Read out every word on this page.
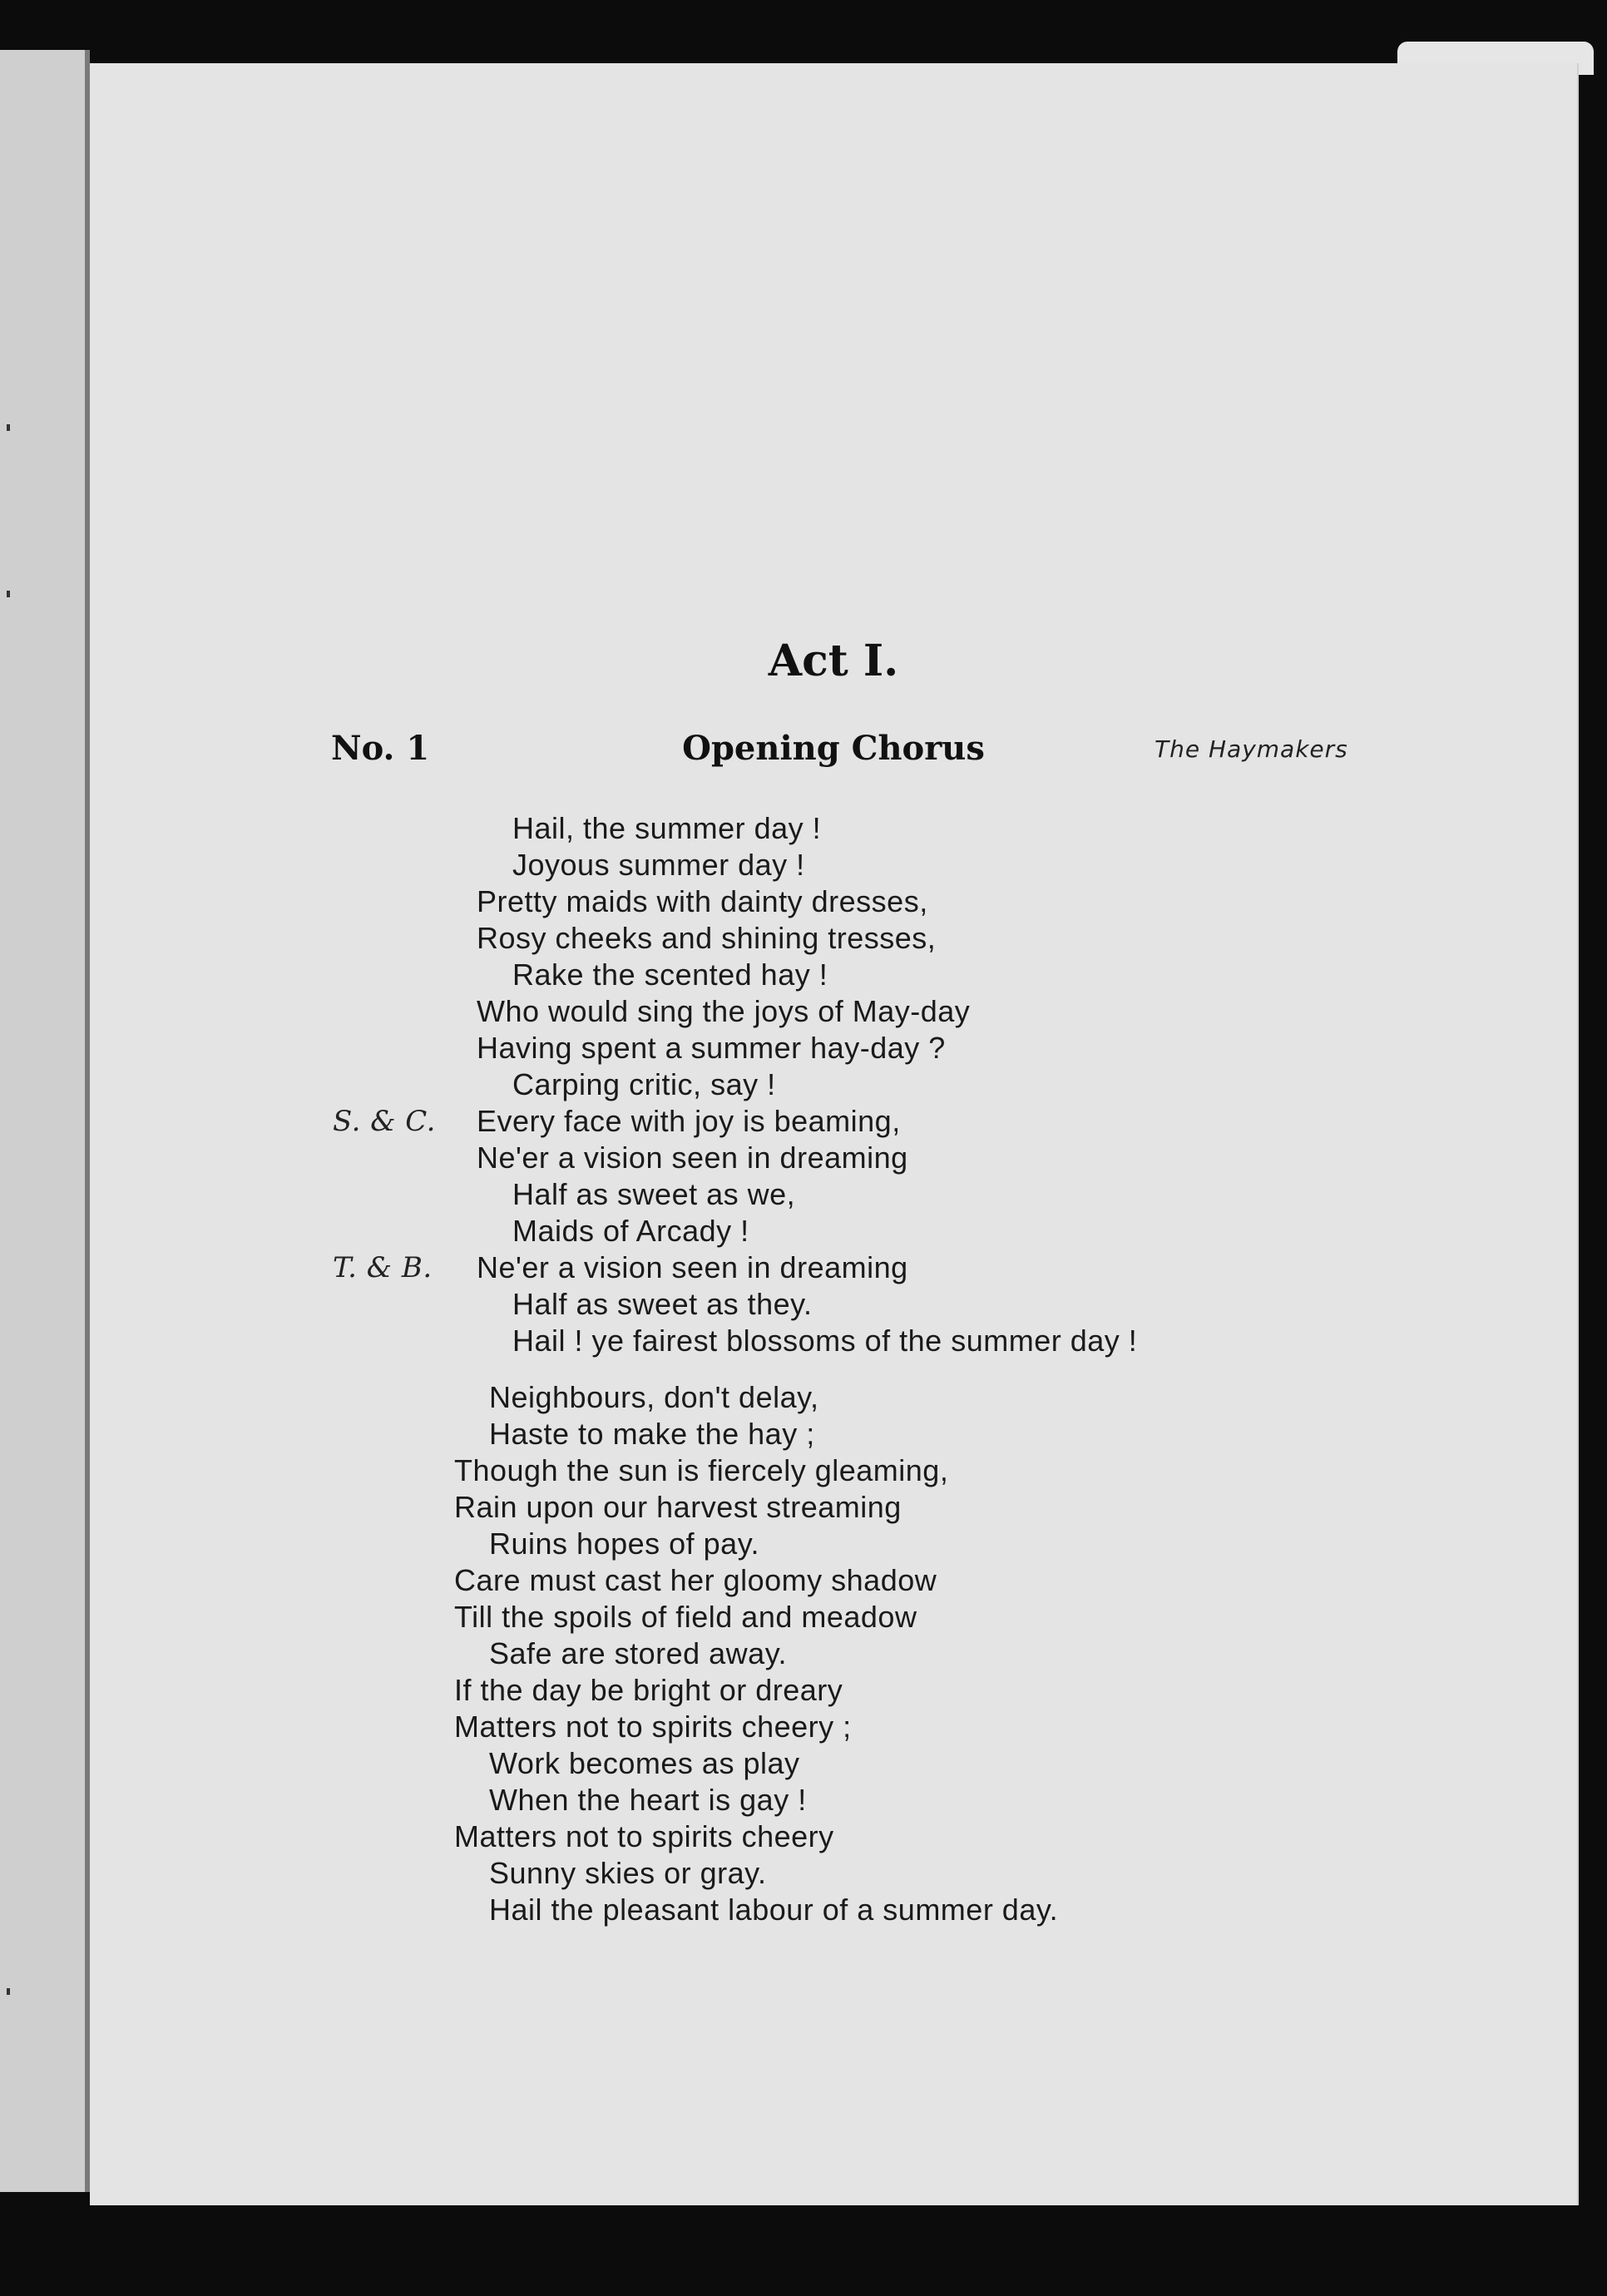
Act I.
No. 1	Opening Chorus	The Haymakers
Hail, the summer day !
Joyous summer day !
Pretty maids with dainty dresses,
Rosy cheeks and shining tresses,
Rake the scented hay !
Who would sing the joys of May-day
Having spent a summer hay-day ?
Carping critic, say !
S. & C. Every face with joy is beaming,
Ne'er a vision seen in dreaming
Half as sweet as we,
Maids of Arcady !
T. & B. Ne'er a vision seen in dreaming
Half as sweet as they.
Hail ! ye fairest blossoms of the summer day !
Neighbours, don't delay,
Haste to make the hay ;
Though the sun is fiercely gleaming,
Rain upon our harvest streaming
Ruins hopes of pay.
Care must cast her gloomy shadow
Till the spoils of field and meadow
Safe are stored away.
If the day be bright or dreary
Matters not to spirits cheery ;
Work becomes as play
When the heart is gay !
Matters not to spirits cheery
Sunny skies or gray.
Hail the pleasant labour of a summer day.
